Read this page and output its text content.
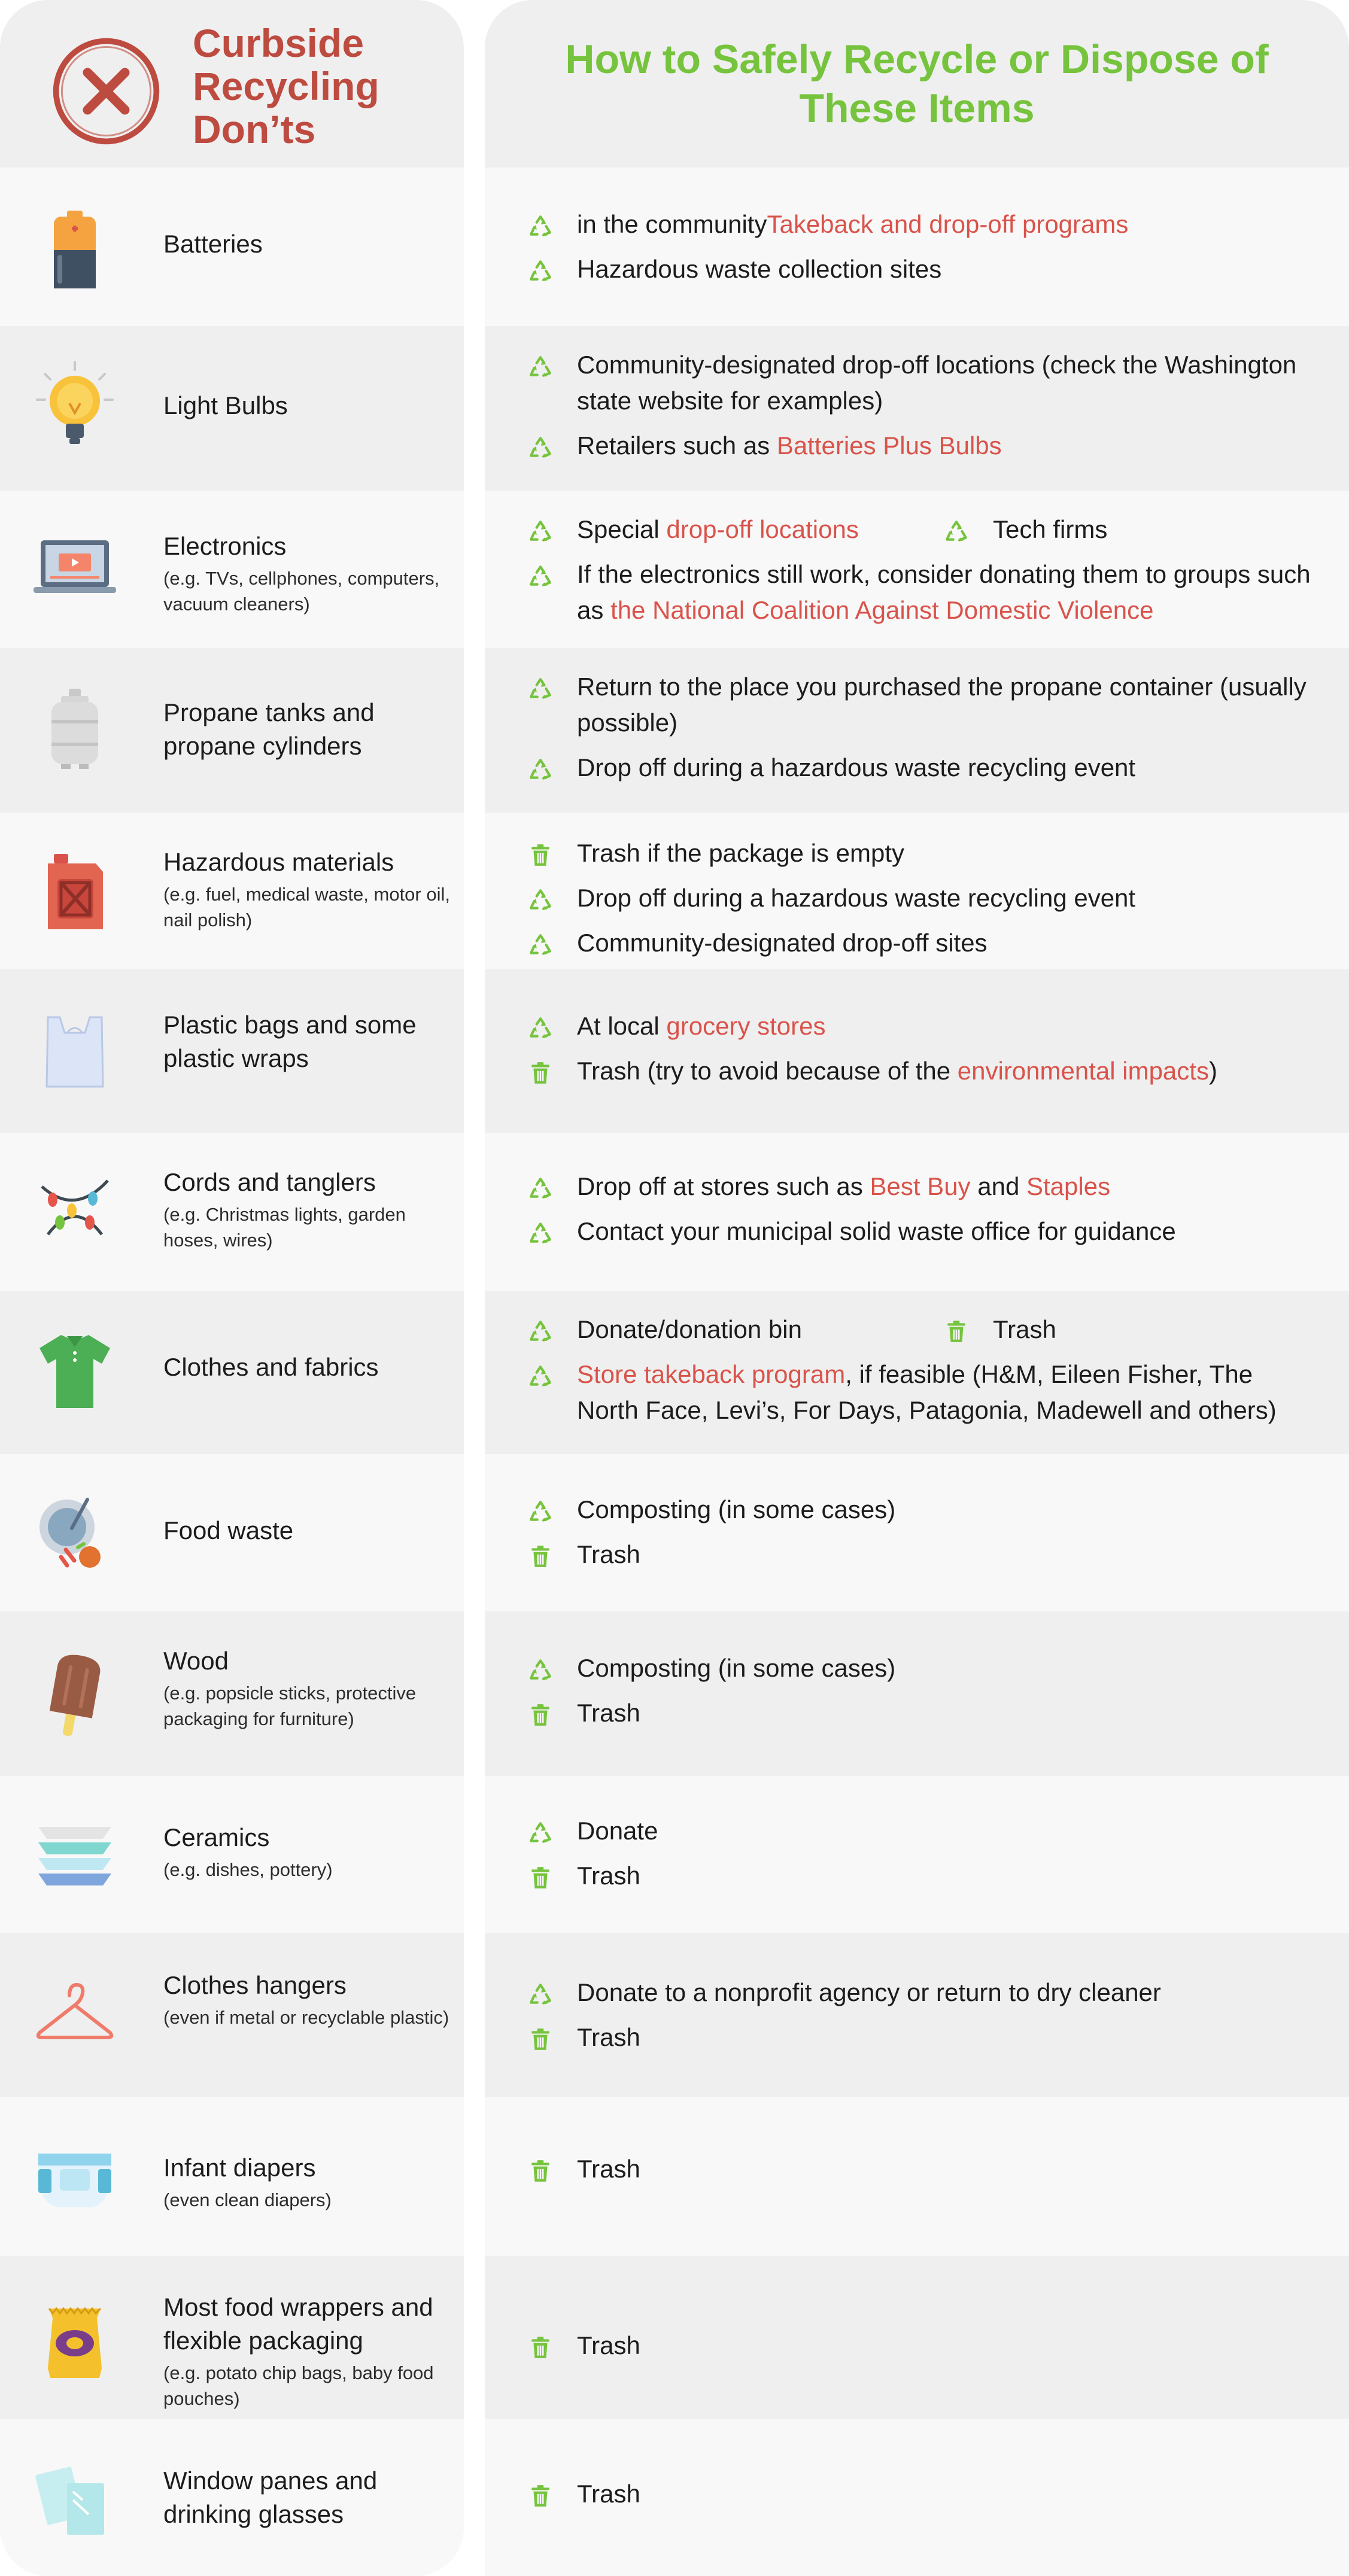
Curbside Recycling Don’ts
Batteries
Light Bulbs
Electronics
(e.g. TVs, cellphones, computers, vacuum cleaners)
Propane tanks and propane cylinders
Hazardous materials
(e.g. fuel, medical waste, motor oil, nail polish)
Plastic bags and some plastic wraps
Cords and tanglers
(e.g. Christmas lights, garden hoses, wires)
Clothes and fabrics
Food waste
Wood
(e.g. popsicle sticks, protective packaging for furniture)
Ceramics
(e.g. dishes, pottery)
Clothes hangers
(even if metal or recyclable plastic)
Infant diapers
(even clean diapers)
Most food wrappers and flexible packaging
(e.g. potato chip bags, baby food pouches)
Window panes and drinking glasses
How to Safely Recycle or Dispose of These Items
in the communityTakeback and drop-off programs
Hazardous waste collection sites
Community-designated drop-off locations (check the Washington state website for examples)
Retailers such as Batteries Plus Bulbs
Special drop-off locations	Tech firms
If the electronics still work, consider donating them to groups such as the National Coalition Against Domestic Violence
Return to the place you purchased the propane container (usually possible)
Drop off during a hazardous waste recycling event
Trash if the package is empty
Drop off during a hazardous waste recycling event
Community-designated drop-off sites
At local grocery stores
Trash (try to avoid because of the environmental impacts)
Drop off at stores such as Best Buy and Staples
Contact your municipal solid waste office for guidance
Donate/donation bin	Trash
Store takeback program, if feasible (H&M, Eileen Fisher, The North Face, Levi’s, For Days, Patagonia, Madewell and others)
Composting (in some cases)
Trash
Composting (in some cases)
Trash
Donate
Trash
Donate to a nonprofit agency or return to dry cleaner
Trash
Trash
Trash
Trash
